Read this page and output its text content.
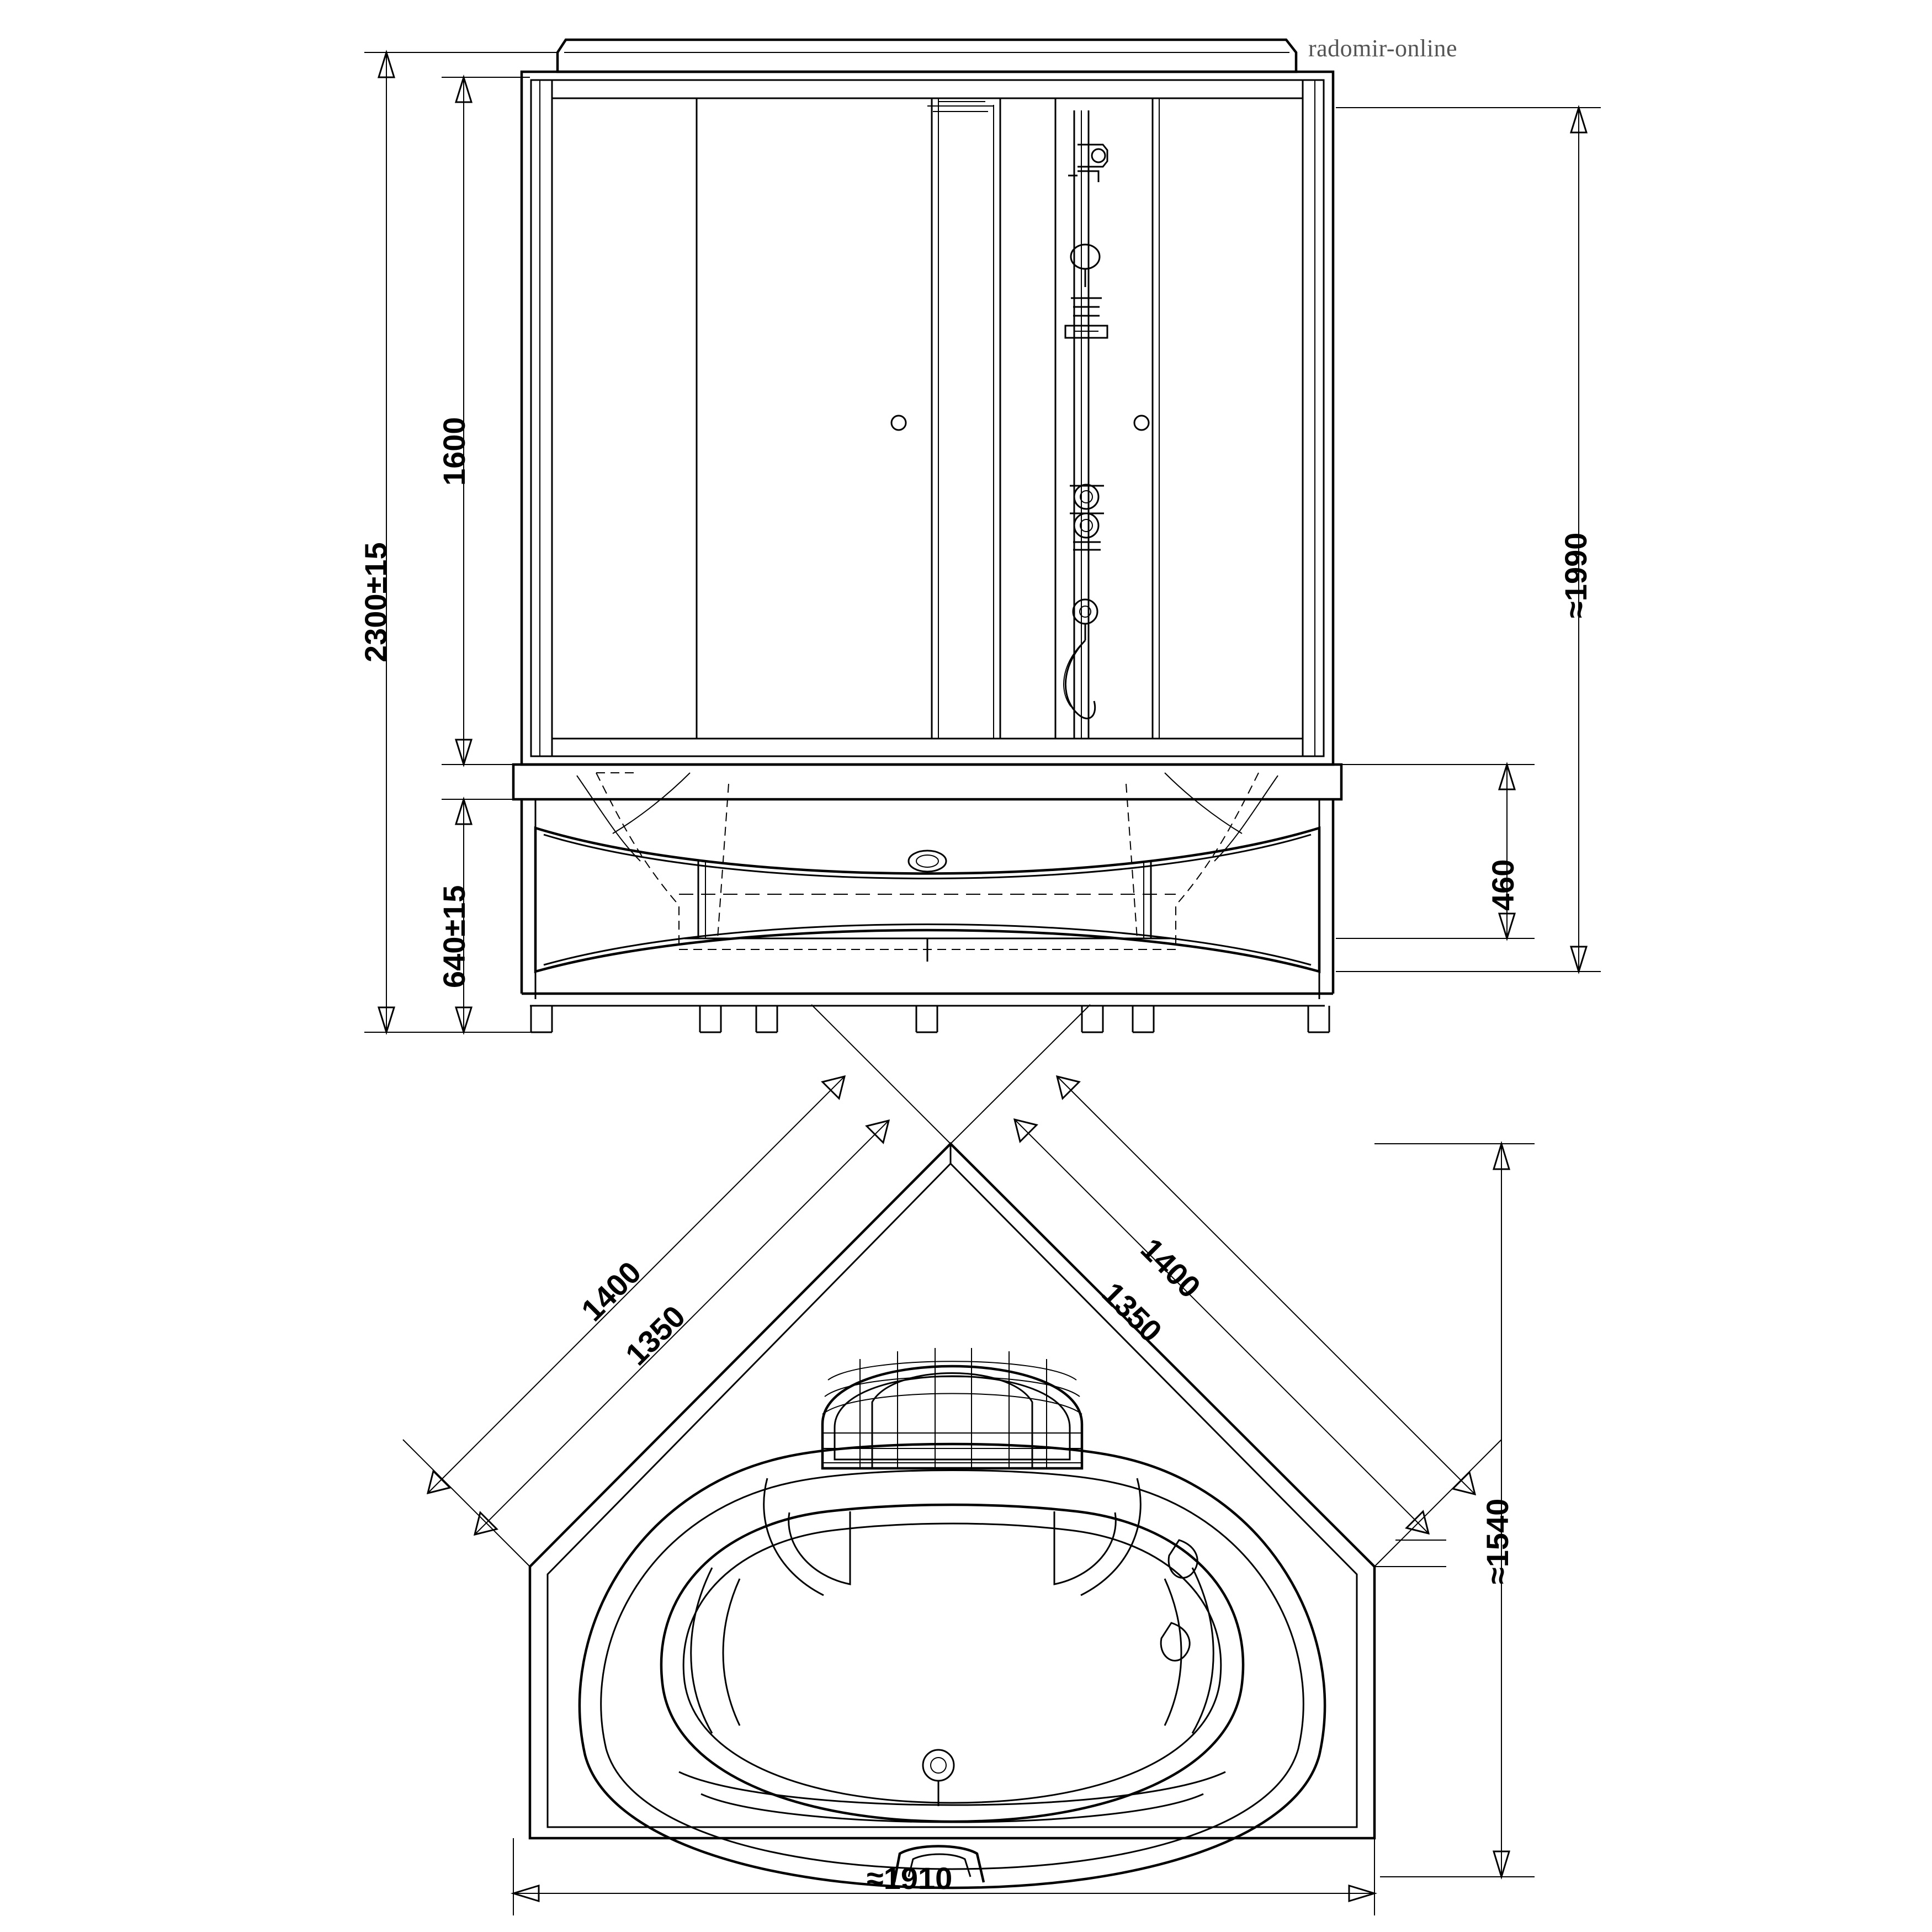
radomir-online
2300±15
1600
640±15
≈1990
460
1400
1350
1400
1350
≈1540
≈1910
